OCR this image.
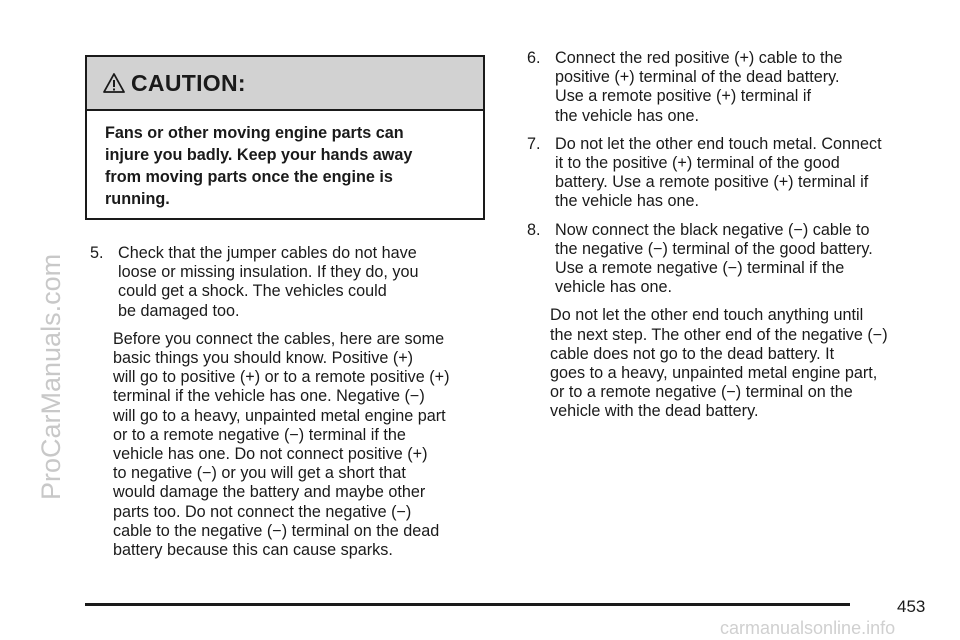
ProCarManuals.com
CAUTION:
Fans or other moving engine parts can
injure you badly. Keep your hands away
from moving parts once the engine is
running.
5. Check that the jumper cables do not have
loose or missing insulation. If they do, you
could get a shock. The vehicles could
be damaged too.
Before you connect the cables, here are some
basic things you should know. Positive (+)
will go to positive (+) or to a remote positive (+)
terminal if the vehicle has one. Negative (−)
will go to a heavy, unpainted metal engine part
or to a remote negative (−) terminal if the
vehicle has one. Do not connect positive (+)
to negative (−) or you will get a short that
would damage the battery and maybe other
parts too. Do not connect the negative (−)
cable to the negative (−) terminal on the dead
battery because this can cause sparks.
6. Connect the red positive (+) cable to the
positive (+) terminal of the dead battery.
Use a remote positive (+) terminal if
the vehicle has one.
7. Do not let the other end touch metal. Connect
it to the positive (+) terminal of the good
battery. Use a remote positive (+) terminal if
the vehicle has one.
8. Now connect the black negative (−) cable to
the negative (−) terminal of the good battery.
Use a remote negative (−) terminal if the
vehicle has one.
Do not let the other end touch anything until
the next step. The other end of the negative (−)
cable does not go to the dead battery. It
goes to a heavy, unpainted metal engine part,
or to a remote negative (−) terminal on the
vehicle with the dead battery.
453
carmanualsonline.info
